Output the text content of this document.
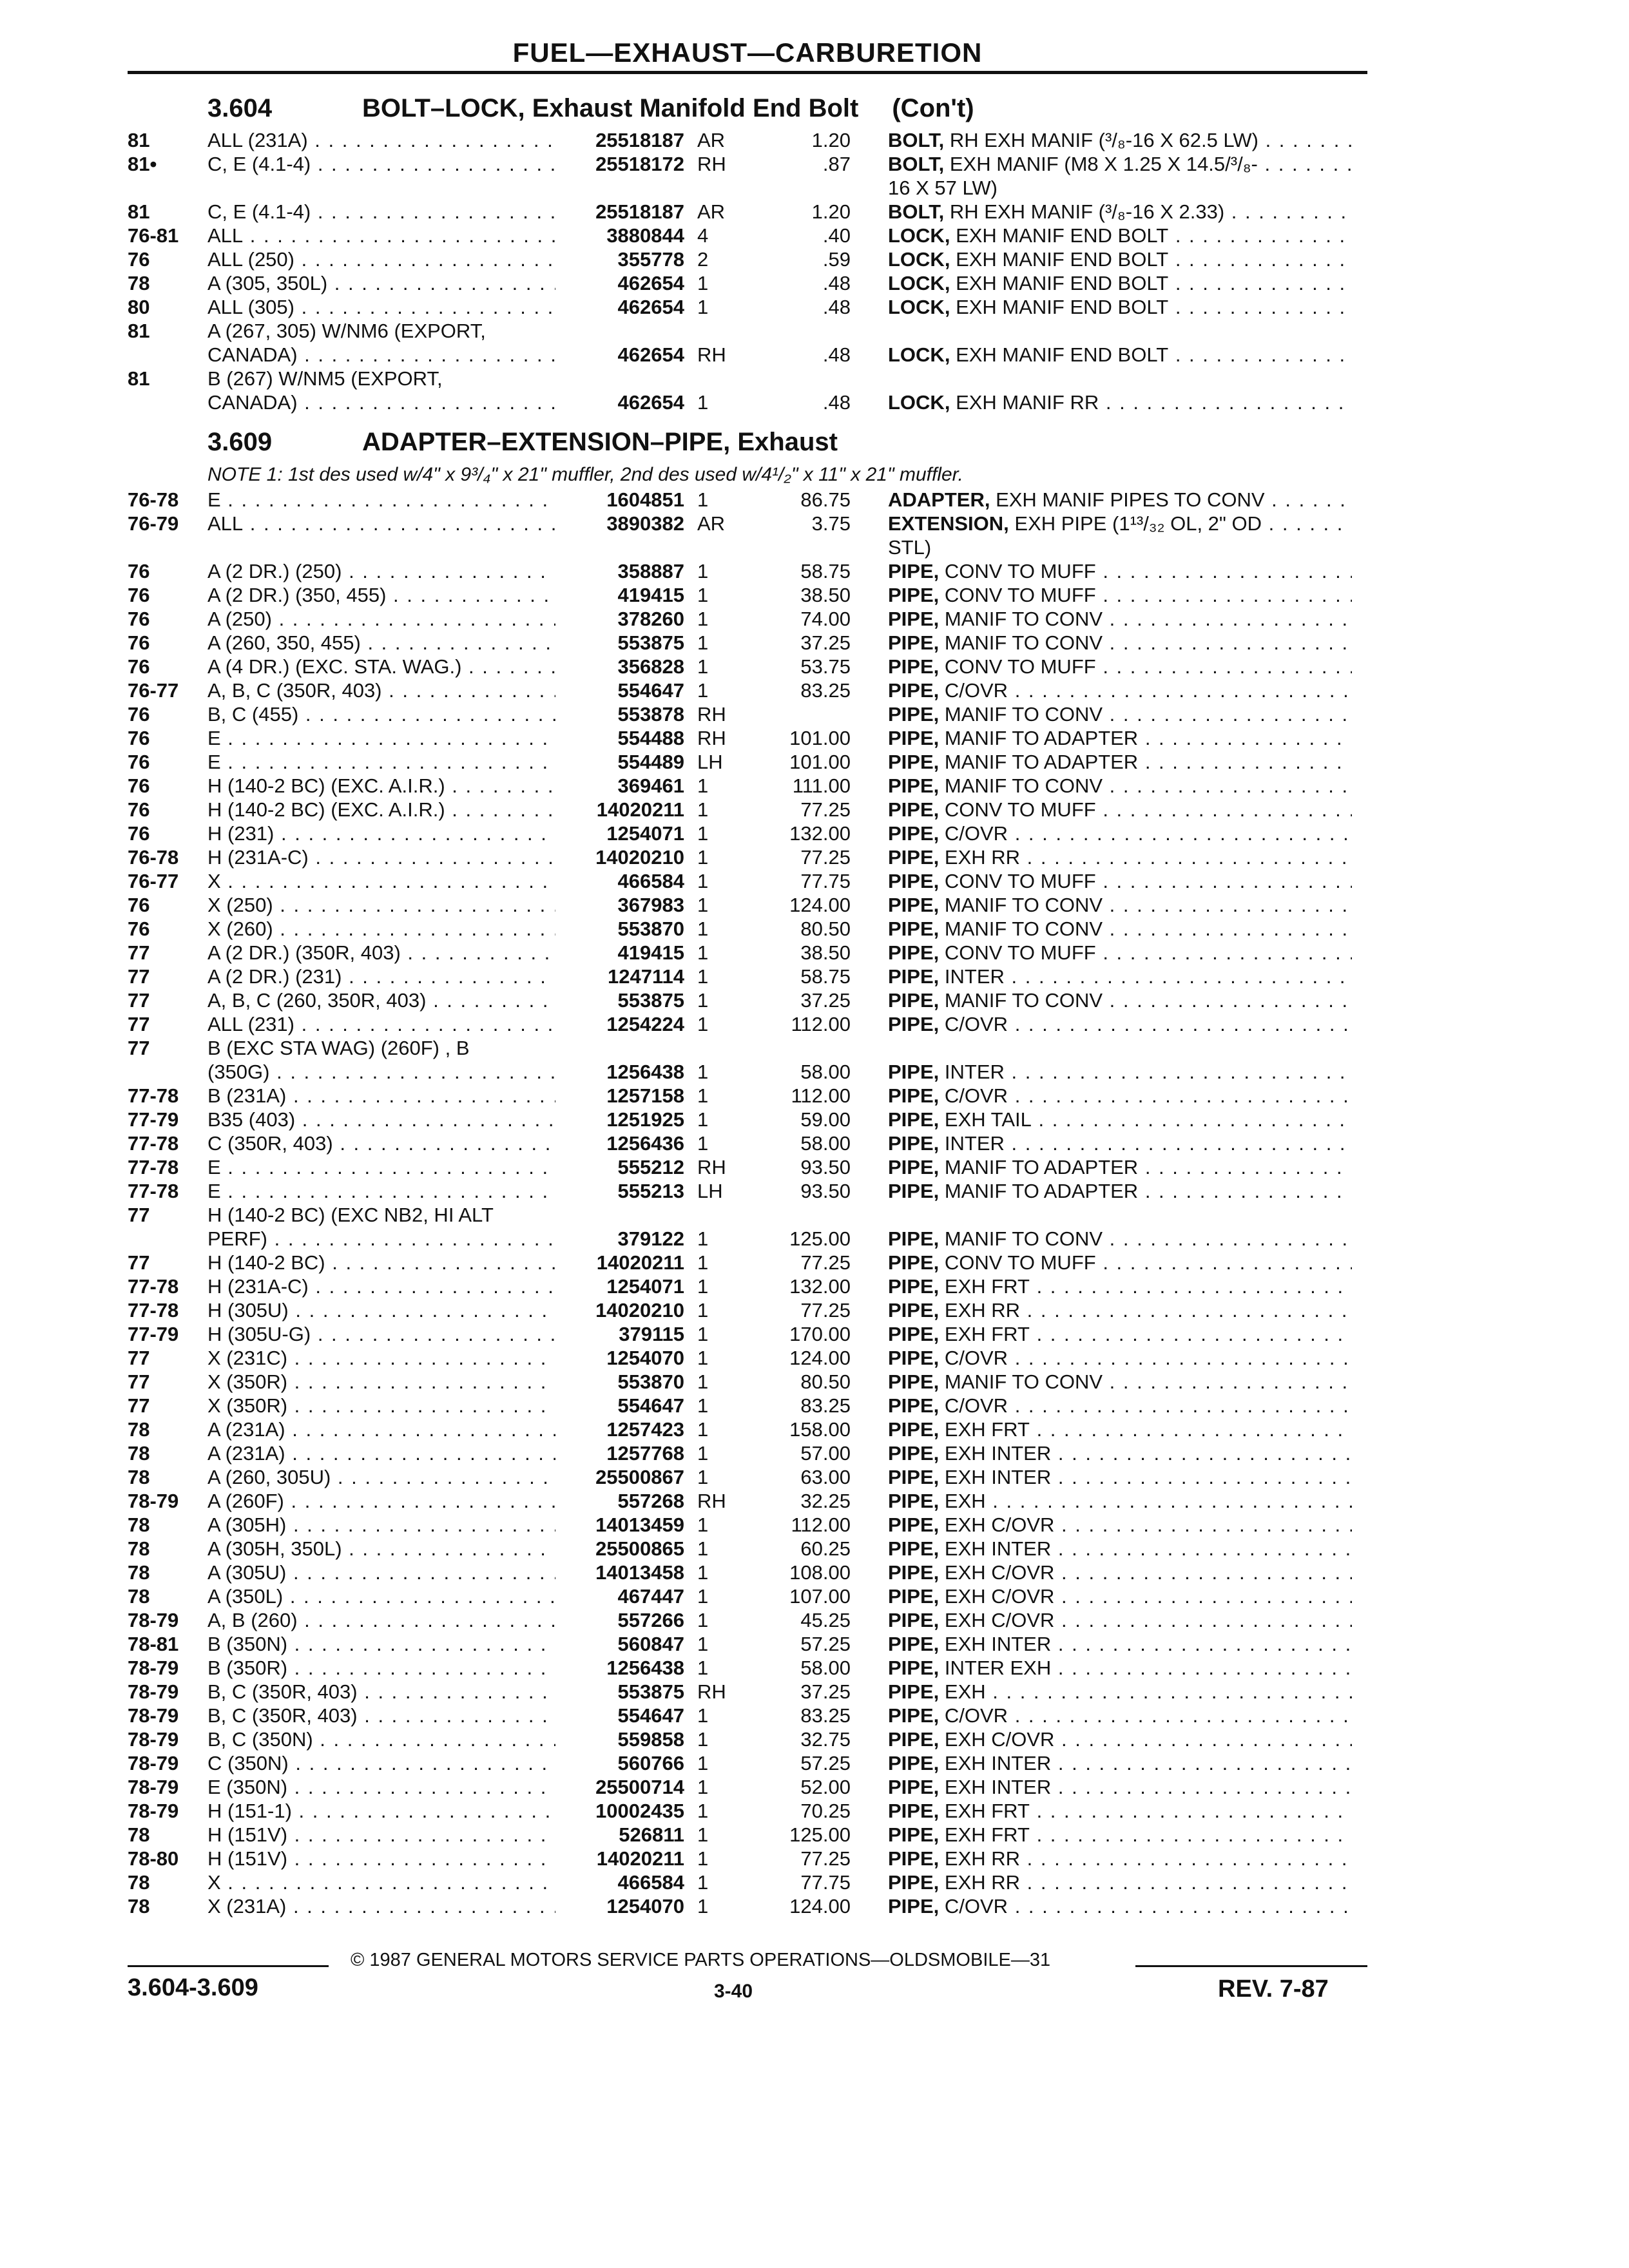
FUEL—EXHAUST—CARBURETION
3.604	BOLT–LOCK, Exhaust Manifold End Bolt (Con't)
3.609	ADAPTER–EXTENSION–PIPE, Exhaust
NOTE 1: 1st des used w/4" x 9³/₄" x 21" muffler, 2nd des used w/4¹/₂" x 11" x 21" muffler.
81	ALL (231A) . . .	25518187 AR	1.20 BOLT, RH EXH MANIF (³/₈-16 X 62.5 LW) . . .
81•	C, E (4.1-4) . . .	25518172 RH	.87 BOLT, EXH MANIF (M8 X 1.25 X 14.5/³/₈- . . .
16 X 57 LW)
81	C, E (4.1-4) . . .	25518187 AR	1.20 BOLT, RH EXH MANIF (³/₈-16 X 2.33) . . .
76-81	ALL . . .	3880844 4	.40 LOCK, EXH MANIF END BOLT . . .
76	ALL (250) . . .	355778 2	.59 LOCK, EXH MANIF END BOLT . . .
78	A (305, 350L) . . .	462654 1	.48 LOCK, EXH MANIF END BOLT . . .
80	ALL (305) . . .	462654 1	.48 LOCK, EXH MANIF END BOLT . . .
81	A (267, 305) W/NM6 (EXPORT,
CANADA) . . .	462654 RH	.48 LOCK, EXH MANIF END BOLT . . .
81	B (267) W/NM5 (EXPORT,
CANADA) . . .	462654 1	.48 LOCK, EXH MANIF RR . . .
76-78	E . . .	1604851 1	86.75 ADAPTER, EXH MANIF PIPES TO CONV . . .
76-79	ALL . . .	3890382 AR	3.75 EXTENSION, EXH PIPE (1¹³/₃₂ OL, 2" OD . . .
STL)
76	A (2 DR.) (250) . . .	358887 1	58.75 PIPE, CONV TO MUFF . . .
76	A (2 DR.) (350, 455) . . .	419415 1	38.50 PIPE, CONV TO MUFF . . .
76	A (250) . . .	378260 1	74.00 PIPE, MANIF TO CONV . . .
76	A (260, 350, 455) . . .	553875 1	37.25 PIPE, MANIF TO CONV . . .
76	A (4 DR.) (EXC. STA. WAG.) . . .	356828 1	53.75 PIPE, CONV TO MUFF . . .
76-77	A, B, C (350R, 403) . . .	554647 1	83.25 PIPE, C/OVR . . .
76	B, C (455) . . .	553878 RH	PIPE, MANIF TO CONV . . .
76	E . . .	554488 RH	101.00 PIPE, MANIF TO ADAPTER . . .
76	E . . .	554489 LH	101.00 PIPE, MANIF TO ADAPTER . . .
76	H (140-2 BC) (EXC. A.I.R.) . . .	369461 1	111.00 PIPE, MANIF TO CONV . . .
76	H (140-2 BC) (EXC. A.I.R.) . . .	14020211 1	77.25 PIPE, CONV TO MUFF . . .
76	H (231) . . .	1254071 1	132.00 PIPE, C/OVR . . .
76-78	H (231A-C) . . .	14020210 1	77.25 PIPE, EXH RR . . .
76-77	X . . .	466584 1	77.75 PIPE, CONV TO MUFF . . .
76	X (250) . . .	367983 1	124.00 PIPE, MANIF TO CONV . . .
76	X (260) . . .	553870 1	80.50 PIPE, MANIF TO CONV . . .
77	A (2 DR.) (350R, 403) . . .	419415 1	38.50 PIPE, CONV TO MUFF . . .
77	A (2 DR.) (231) . . .	1247114 1	58.75 PIPE, INTER . . .
77	A, B, C (260, 350R, 403) . . .	553875 1	37.25 PIPE, MANIF TO CONV . . .
77	ALL (231) . . .	1254224 1	112.00 PIPE, C/OVR . . .
77	B (EXC STA WAG) (260F) , B
(350G) . . .	1256438 1	58.00 PIPE, INTER . . .
77-78	B (231A) . . .	1257158 1	112.00 PIPE, C/OVR . . .
77-79	B35 (403) . . .	1251925 1	59.00 PIPE, EXH TAIL . . .
77-78	C (350R, 403) . . .	1256436 1	58.00 PIPE, INTER . . .
77-78	E . . .	555212 RH	93.50 PIPE, MANIF TO ADAPTER . . .
77-78	E . . .	555213 LH	93.50 PIPE, MANIF TO ADAPTER . . .
77	H (140-2 BC) (EXC NB2, HI ALT
PERF) . . .	379122 1	125.00 PIPE, MANIF TO CONV . . .
77	H (140-2 BC) . . .	14020211 1	77.25 PIPE, CONV TO MUFF . . .
77-78	H (231A-C) . . .	1254071 1	132.00 PIPE, EXH FRT . . .
77-78	H (305U) . . .	14020210 1	77.25 PIPE, EXH RR . . .
77-79	H (305U-G) . . .	379115 1	170.00 PIPE, EXH FRT . . .
77	X (231C) . . .	1254070 1	124.00 PIPE, C/OVR . . .
77	X (350R) . . .	553870 1	80.50 PIPE, MANIF TO CONV . . .
77	X (350R) . . .	554647 1	83.25 PIPE, C/OVR . . .
78	A (231A) . . .	1257423 1	158.00 PIPE, EXH FRT . . .
78	A (231A) . . .	1257768 1	57.00 PIPE, EXH INTER . . .
78	A (260, 305U) . . .	25500867 1	63.00 PIPE, EXH INTER . . .
78-79	A (260F) . . .	557268 RH	32.25 PIPE, EXH . . .
78	A (305H) . . .	14013459 1	112.00 PIPE, EXH C/OVR . . .
78	A (305H, 350L) . . .	25500865 1	60.25 PIPE, EXH INTER . . .
78	A (305U) . . .	14013458 1	108.00 PIPE, EXH C/OVR . . .
78	A (350L) . . .	467447 1	107.00 PIPE, EXH C/OVR . . .
78-79	A, B (260) . . .	557266 1	45.25 PIPE, EXH C/OVR . . .
78-81	B (350N) . . .	560847 1	57.25 PIPE, EXH INTER . . .
78-79	B (350R) . . .	1256438 1	58.00 PIPE, INTER EXH . . .
78-79	B, C (350R, 403) . . .	553875 RH	37.25 PIPE, EXH . . .
78-79	B, C (350R, 403) . . .	554647 1	83.25 PIPE, C/OVR . . .
78-79	B, C (350N) . . .	559858 1	32.75 PIPE, EXH C/OVR . . .
78-79	C (350N) . . .	560766 1	57.25 PIPE, EXH INTER . . .
78-79	E (350N) . . .	25500714 1	52.00 PIPE, EXH INTER . . .
78-79	H (151-1) . . .	10002435 1	70.25 PIPE, EXH FRT . . .
78	H (151V) . . .	526811 1	125.00 PIPE, EXH FRT . . .
78-80	H (151V) . . .	14020211 1	77.25 PIPE, EXH RR . . .
78	X . . .	466584 1	77.75 PIPE, EXH RR . . .
78	X (231A) . . .	1254070 1	124.00 PIPE, C/OVR . . .
© 1987 GENERAL MOTORS SERVICE PARTS OPERATIONS—OLDSMOBILE—31
3.604-3.609	3-40	REV. 7-87
